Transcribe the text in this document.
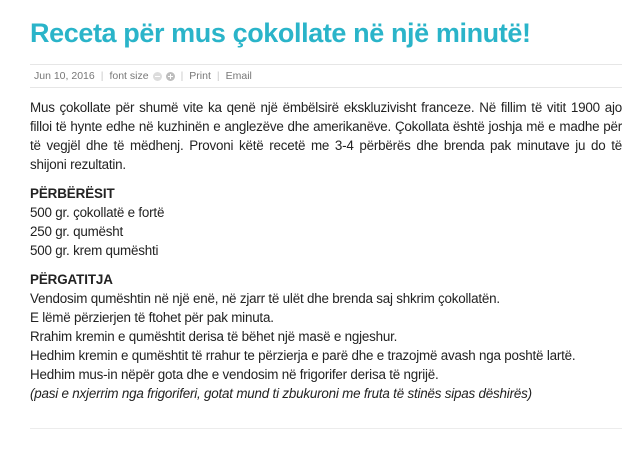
Receta për mus çokollate në një minutë!
Jun 10, 2016 | font size	| Print | Email

Mus çokollate për shumë vite ka qenë një ëmbëlsirë ekskluzivisht franceze. Në fillim të vitit 1900 ajo filloi të hynte edhe në kuzhinën e anglezëve dhe amerikanëve. Çokollata është joshja më e madhe për të vegjël dhe të mëdhenj. Provoni këtë recetë me 3-4 përbërës dhe brenda pak minutave ju do të shijoni rezultatin.

PËRBËRËSIT
500 gr. çokollatë e fortë
250 gr. qumësht
500 gr. krem qumështi
PËRGATITJA
Vendosim qumështin në një enë, në zjarr të ulët dhe brenda saj shkrim çokollatën.
E lëmë përzierjen të ftohet për pak minuta.
Rrahim kremin e qumështit derisa të bëhet një masë e ngjeshur.
Hedhim kremin e qumështit të rrahur te përzierja e parë dhe e trazojmë avash nga poshtë lartë.
Hedhim mus-in nëpër gota dhe e vendosim në frigorifer derisa të ngrijë.
(pasi e nxjerrim nga frigoriferi, gotat mund ti zbukuroni me fruta të stinës sipas dëshirës)
